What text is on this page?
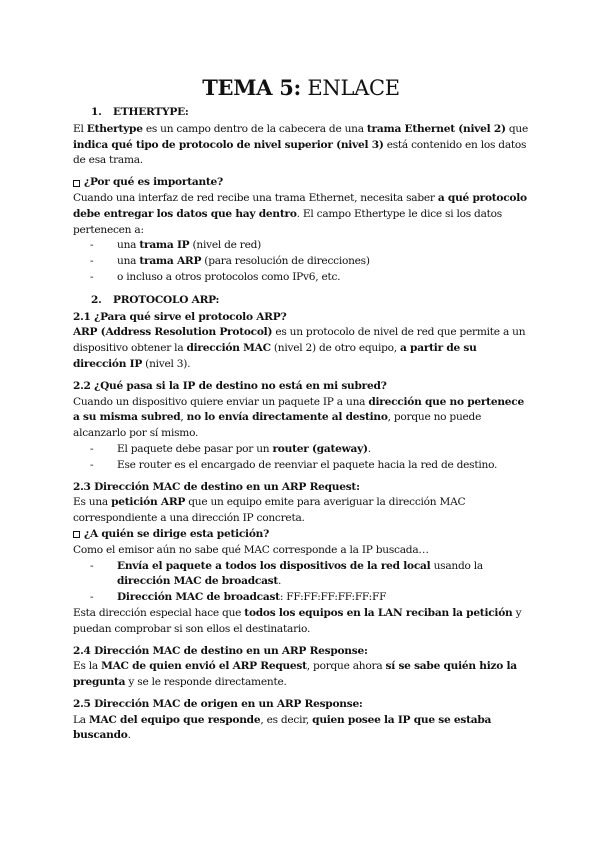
TEMA 5: ENLACE
1. ETHERTYPE:

El Ethertype es un campo dentro de la cabecera de una trama Ethernet (nivel 2) que indica qué tipo de protocolo de nivel superior (nivel 3) está contenido en los datos de esa trama.

¿Por qué es importante?

Cuando una interfaz de red recibe una trama Ethernet, necesita saber a qué protocolo debe entregar los datos que hay dentro. El campo Ethertype le dice si los datos pertenecen a:

- una trama IP (nivel de red)
- una trama ARP (para resolución de direcciones)
- o incluso a otros protocolos como IPv6, etc.
2. PROTOCOLO ARP:
2.1 ¿Para qué sirve el protocolo ARP?

ARP (Address Resolution Protocol) es un protocolo de nivel de red que permite a un dispositivo obtener la dirección MAC (nivel 2) de otro equipo, a partir de su dirección IP (nivel 3).

2.2 ¿Qué pasa si la IP de destino no está en mi subred?

Cuando un dispositivo quiere enviar un paquete IP a una dirección que no pertenece a su misma subred, no lo envía directamente al destino, porque no puede alcanzarlo por sí mismo.

- El paquete debe pasar por un router (gateway).
- Ese router es el encargado de reenviar el paquete hacia la red de destino.
2.3 Dirección MAC de destino en un ARP Request:

Es una petición ARP que un equipo emite para averiguar la dirección MAC correspondiente a una dirección IP concreta.

¿A quién se dirige esta petición?

Como el emisor aún no sabe qué MAC corresponde a la IP buscada…

- Envía el paquete a todos los dispositivos de la red local usando la dirección MAC de broadcast.
- Dirección MAC de broadcast: FF:FF:FF:FF:FF:FF

Esta dirección especial hace que todos los equipos en la LAN reciban la petición y puedan comprobar si son ellos el destinatario.

2.4 Dirección MAC de destino en un ARP Response:

Es la MAC de quien envió el ARP Request, porque ahora sí se sabe quién hizo la pregunta y se le responde directamente.

2.5 Dirección MAC de origen en un ARP Response:

La MAC del equipo que responde, es decir, quien posee la IP que se estaba buscando.
